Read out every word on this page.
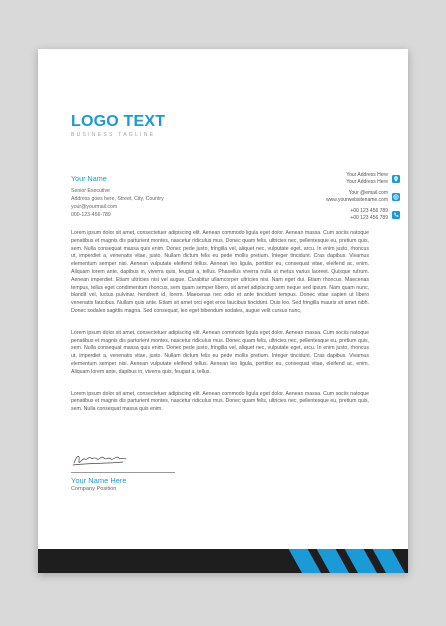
LOGO TEXT
BUSINESS TAGLINE
Your Name
Senior Executive
Address goes here, Street, City, Country
your@yourmail.com
000-123-456-789
Your Address Here
Your Address Here
Your @email.com
www.yourwebsitename.com
+00 123 456 789
+00 123 456 789
Lorem ipsum dolor sit amet, consectetuer adipiscing elit. Aenean commodo ligula eget dolor. Aenean massa. Cum sociis natoque penatibus et magnis dis parturient montes, nascetur ridiculus mus. Donec quam felis, ultricies nec, pellentesque eu, pretium quis, sem. Nulla consequat massa quis enim. Donec pede justo, fringilla vel, aliquet nec, vulputate eget, arcu. In enim justo, rhoncus ut, imperdiet a, venenatis vitae, justo. Nullam dictum felis eu pede mollis pretium. Integer tincidunt. Cras dapibus. Vivamus elementum semper nisi. Aenean vulputate eleifend tellus. Aenean leo ligula, porttitor eu, consequat vitae, eleifend ac, enim. Aliquam lorem ante, dapibus in, viverra quis, feugiat a, tellus. Phasellus viverra nulla ut metus varius laoreet. Quisque rutrum. Aenean imperdiet. Etiam ultricies nisi vel augue. Curabitur ullamcorper ultricies nisi. Nam eget dui. Etiam rhoncus. Maecenas tempus, tellus eget condimentum rhoncus, sem quam semper libero, sit amet adipiscing sem neque sed ipsum. Nam quam nunc, blandit vel, luctus pulvinar, hendrerit id, lorem. Maecenas nec odio et ante tincidunt tempus. Donec vitae sapien ut libero venenatis faucibus. Nullam quis ante. Etiam sit amet orci eget eros faucibus tincidunt. Duis leo. Sed fringilla mauris sit amet nibh. Donec sodales sagittis magna. Sed consequat, leo eget bibendum sodales, augue velit cursus nunc,
Lorem ipsum dolor sit amet, consectetuer adipiscing elit. Aenean commodo ligula eget dolor. Aenean massa. Cum sociis natoque penatibus et magnis dis parturient montes, nascetur ridiculus mus. Donec quam felis, ultricies nec, pellentesque eu, pretium quis, sem. Nulla consequat massa quis enim. Donec pede justo, fringilla vel, aliquet nec, vulputate eget, arcu. In enim justo, rhoncus ut, imperdiet a, venenatis vitae, justo. Nullam dictum felis eu pede mollis pretium. Integer tincidunt. Cras dapibus. Vivamus elementum semper nisi. Aenean vulputate eleifend tellus. Aenean leo ligula, porttitor eu, consequat vitae, eleifend ac, enim. Aliquam lorem ante, dapibus in, viverra quis, feugiat a, tellus.
Lorem ipsum dolor sit amet, consectetuer adipiscing elit. Aenean commodo ligula eget dolor. Aenean massa. Cum sociis natoque penatibus et magnis dis parturient montes, nascetur ridiculus mus. Donec quam felis, ultricies nec, pellentesque eu, pretium quis, sem. Nulla consequat massa quis enim.
Your Name Here
Company Position
